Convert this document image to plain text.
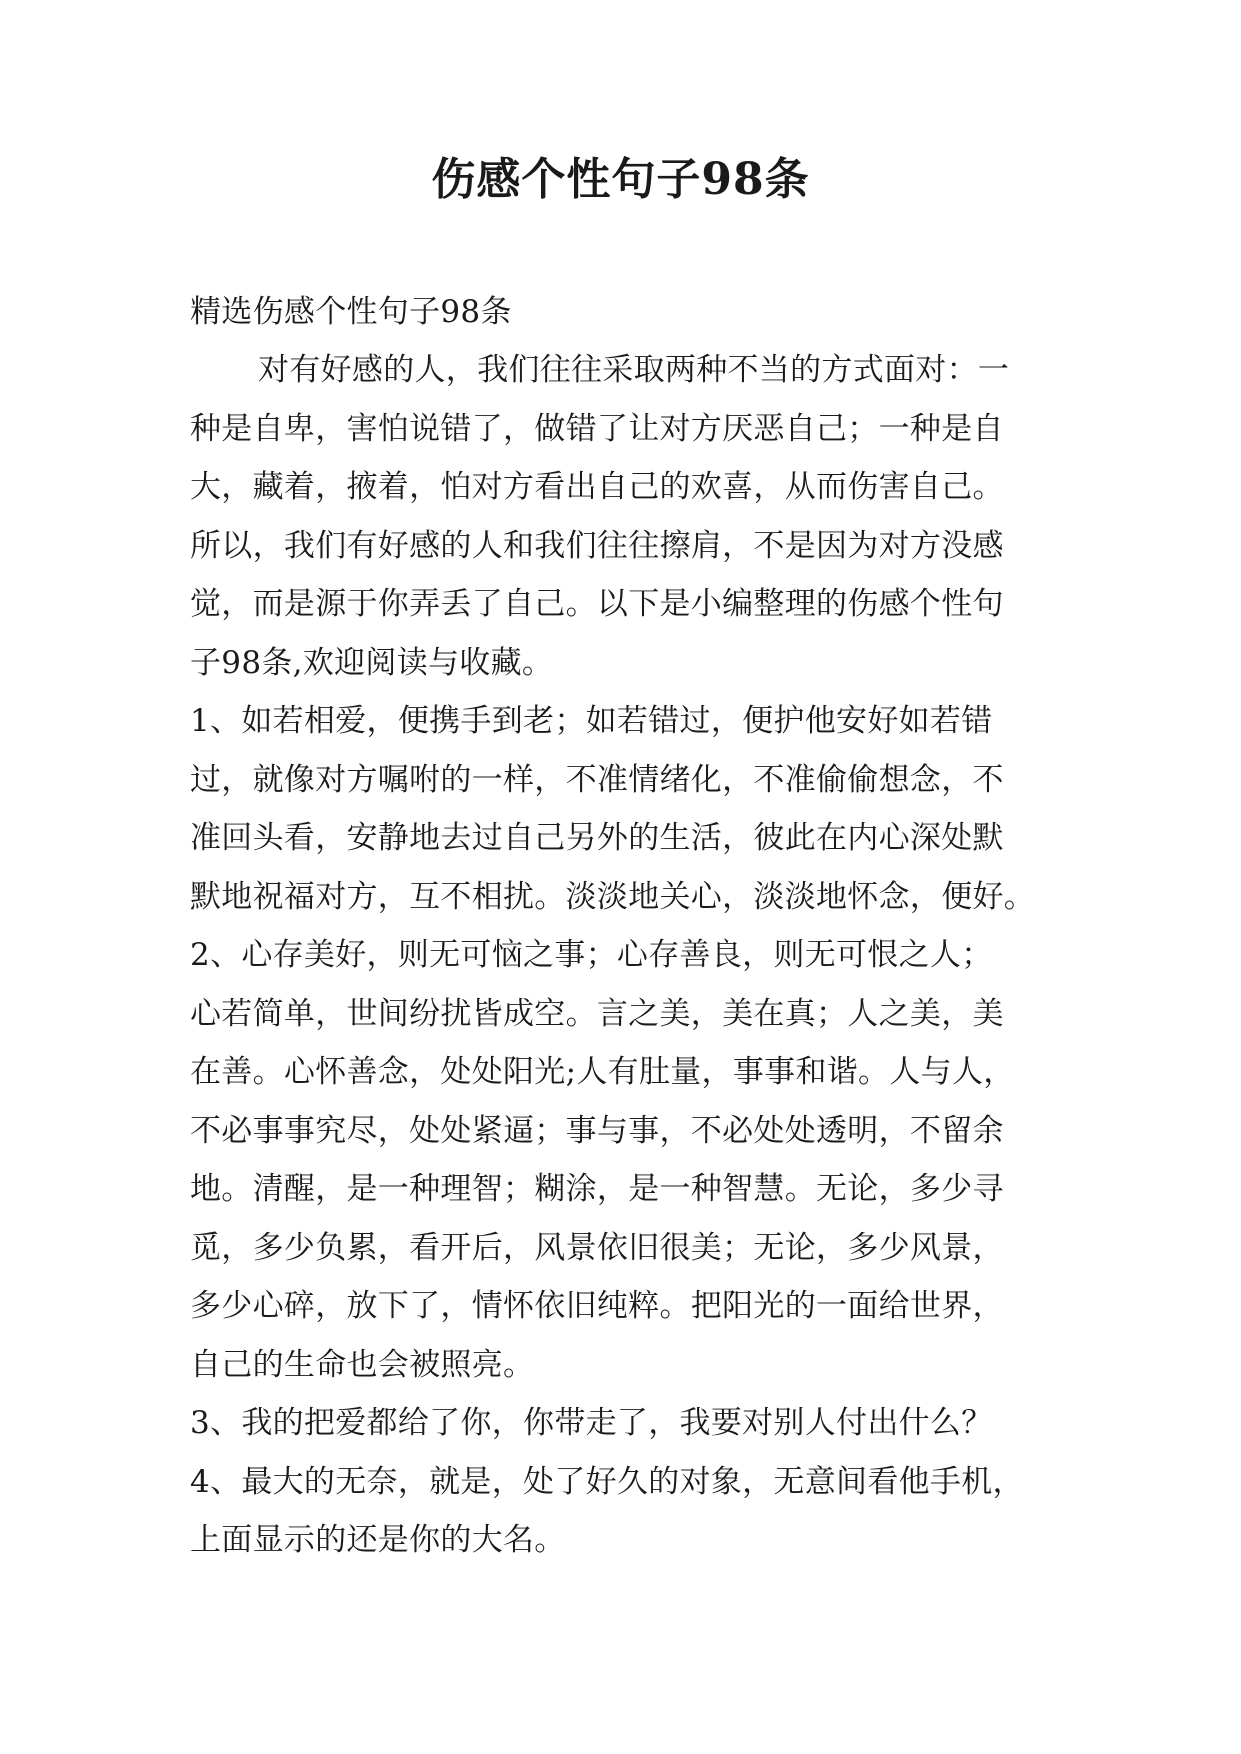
伤感个性句子98条

精选伤感个性句子98条

对有好感的人，我们往往采取两种不当的方式面对：一

种是自卑，害怕说错了，做错了让对方厌恶自己；一种是自

大，藏着，掖着，怕对方看出自己的欢喜，从而伤害自己。

所以，我们有好感的人和我们往往擦肩，不是因为对方没感

觉，而是源于你弄丢了自己。以下是小编整理的伤感个性句

子98条,欢迎阅读与收藏。

1、如若相爱，便携手到老；如若错过，便护他安好如若错

过，就像对方嘱咐的一样，不准情绪化，不准偷偷想念，不

准回头看，安静地去过自己另外的生活，彼此在内心深处默

默地祝福对方，互不相扰。淡淡地关心，淡淡地怀念，便好。

2、心存美好，则无可恼之事；心存善良，则无可恨之人；

心若简单，世间纷扰皆成空。言之美，美在真；人之美，美

在善。心怀善念，处处阳光;人有肚量，事事和谐。人与人，

不必事事究尽，处处紧逼；事与事，不必处处透明，不留余

地。清醒，是一种理智；糊涂，是一种智慧。无论，多少寻

觅，多少负累，看开后，风景依旧很美；无论，多少风景，

多少心碎，放下了，情怀依旧纯粹。把阳光的一面给世界，

自己的生命也会被照亮。

3、我的把爱都给了你，你带走了，我要对别人付出什么？

4、最大的无奈，就是，处了好久的对象，无意间看他手机，

上面显示的还是你的大名。
